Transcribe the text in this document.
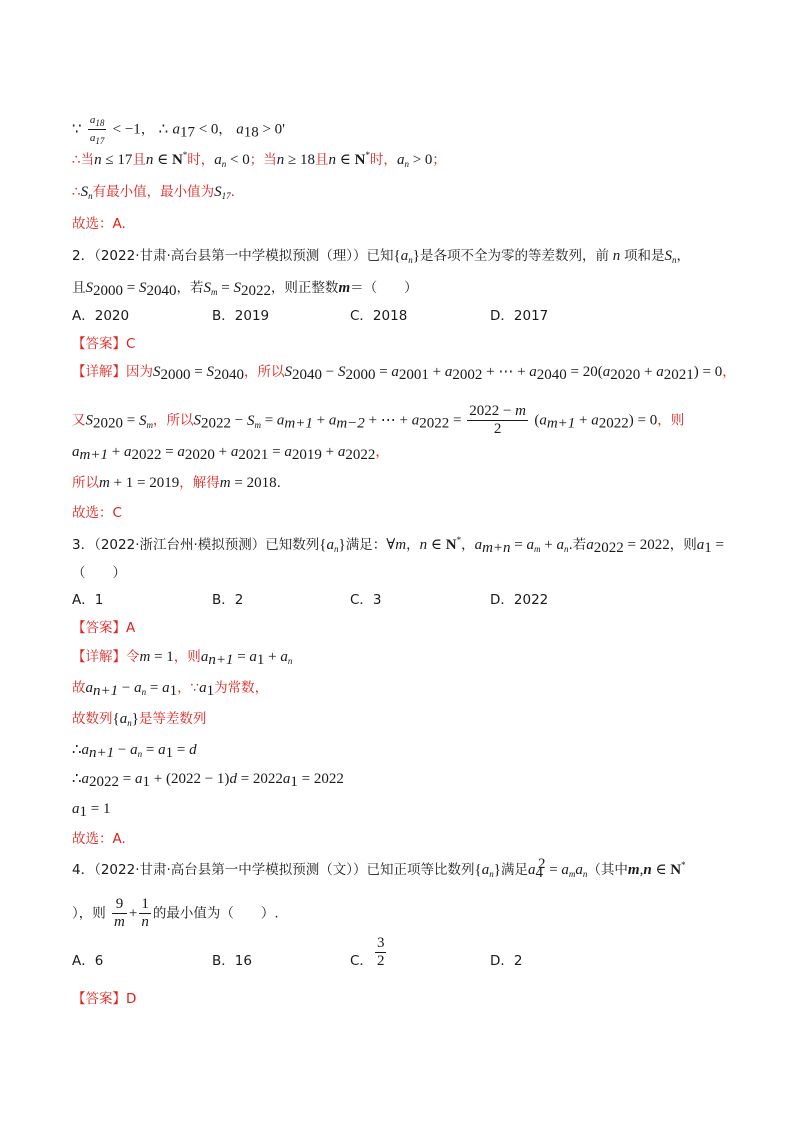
∵ $\frac{a_{18}}{a_{17}} < -1$， ∴ $a_{17} < 0$， $a_{18} > 0'$
∴当n ≤ 17且n ∈ N*时，$a_n < 0$；当n ≥ 18且n ∈ N*时，$a_n > 0$；
$\therefore S_n$有最小值，最小值为$S_{17}$.
故选：A.
2．（2022·甘肃·高台县第一中学模拟预测（理））已知$\{a_n\}$是各项不全为零的等差数列，前 n 项和是$S_n$，
且$S_{2000} = S_{2040}$，若$S_m = S_{2022}$，则正整数m＝（　　）
A．2020	B．2019	C．2018	D．2017
【答案】C
【详解】因为$S_{2000} = S_{2040}$，所以$S_{2040} - S_{2000} = a_{2001} + a_{2002}$ + ⋯ + $a_{2040} = 20(a_{2020} + a_{2021}) = 0$，
又$S_{2020} = S_m$，所以$S_{2022} - S_m = a_{m+1} + a_{m-2}$ + ⋯ + $a_{2022} = \frac{2022 - m}{2} (a_{m+1} + a_{2022}) = 0$，则
$a_{m+1} + a_{2022} = a_{2020} + a_{2021} = a_{2019} + a_{2022}$，
所以m + 1 = 2019，解得m = 2018.
故选：C
3．（2022·浙江台州·模拟预测）已知数列$\{a_n\}$满足：∀m，n ∈ N*，$a_{m+n} = a_m + a_n$.若$a_{2022} = 2022$，则$a_1$ =
（　　）
A．1	B．2	C．3	D．2022
【答案】A
【详解】令m = 1，则$a_{n+1} = a_1 + a_n$
故$a_{n+1} - a_n = a_1$，$\because a_1$为常数，
故数列$\{a_n\}$是等差数列
$\therefore a_{n+1} - a_n = a_1 = d$
$\therefore a_{2022} = a_1 + (2022 - 1)d = 2022a_1 = 2022$
$a_1 = 1$
故选：A.
4．（2022·甘肃·高台县第一中学模拟预测（文））已知正项等比数列$\{a_n\}$满足$a_4^2 = a_ma_n$（其中m,n ∈ N*
），则 $\frac{9}{m} + \frac{1}{n}$ 的最小值为（　　）.
A．6	B．16	C． $\frac{3}{2}$	D．2
【答案】D
